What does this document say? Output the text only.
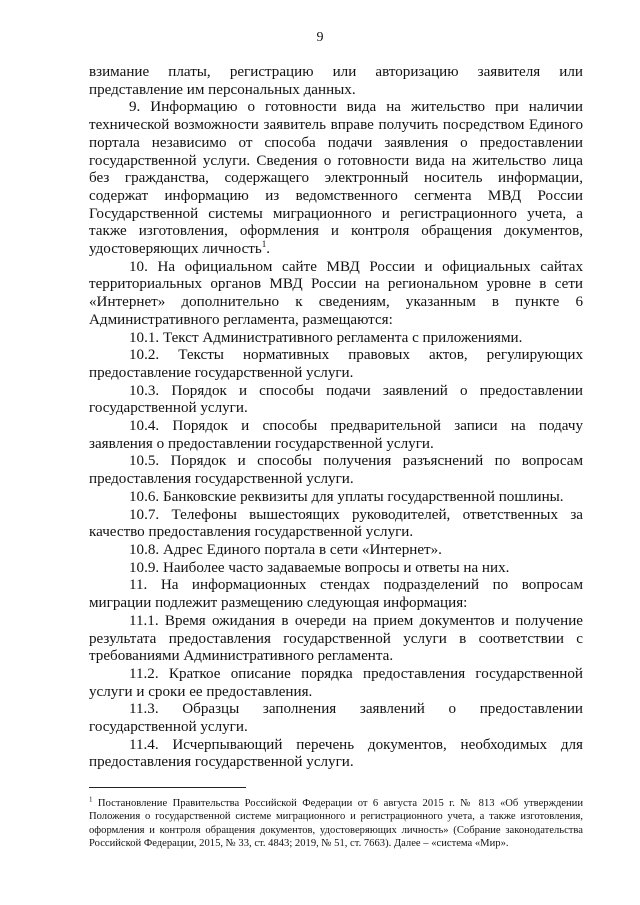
9

взимание платы, регистрацию или авторизацию заявителя или представление им персональных данных.

9. Информацию о готовности вида на жительство при наличии технической возможности заявитель вправе получить посредством Единого портала независимо от способа подачи заявления о предоставлении государственной услуги. Сведения о готовности вида на жительство лица без гражданства, содержащего электронный носитель информации, содержат информацию из ведомственного сегмента МВД России Государственной системы миграционного и регистрационного учета, а также изготовления, оформления и контроля обращения документов, удостоверяющих личность$^1$.

10. На официальном сайте МВД России и официальных сайтах территориальных органов МВД России на региональном уровне в сети «Интернет» дополнительно к сведениям, указанным в пункте 6 Административного регламента, размещаются:

10.1. Текст Административного регламента с приложениями.

10.2. Тексты нормативных правовых актов, регулирующих предоставление государственной услуги.

10.3. Порядок и способы подачи заявлений о предоставлении государственной услуги.

10.4. Порядок и способы предварительной записи на подачу заявления о предоставлении государственной услуги.

10.5. Порядок и способы получения разъяснений по вопросам предоставления государственной услуги.

10.6. Банковские реквизиты для уплаты государственной пошлины.

10.7. Телефоны вышестоящих руководителей, ответственных за качество предоставления государственной услуги.

10.8. Адрес Единого портала в сети «Интернет».

10.9. Наиболее часто задаваемые вопросы и ответы на них.

11. На информационных стендах подразделений по вопросам миграции подлежит размещению следующая информация:

11.1. Время ожидания в очереди на прием документов и получение результата предоставления государственной услуги в соответствии с требованиями Административного регламента.

11.2. Краткое описание порядка предоставления государственной услуги и сроки ее предоставления.

11.3. Образцы заполнения заявлений о предоставлении государственной услуги.

11.4. Исчерпывающий перечень документов, необходимых для предоставления государственной услуги.

$^1$ Постановление Правительства Российской Федерации от 6 августа 2015 г. № 813 «Об утверждении Положения о государственной системе миграционного и регистрационного учета, а также изготовления, оформления и контроля обращения документов, удостоверяющих личность» (Собрание законодательства Российской Федерации, 2015, № 33, ст. 4843; 2019, № 51, ст. 7663). Далее – «система «Мир».
